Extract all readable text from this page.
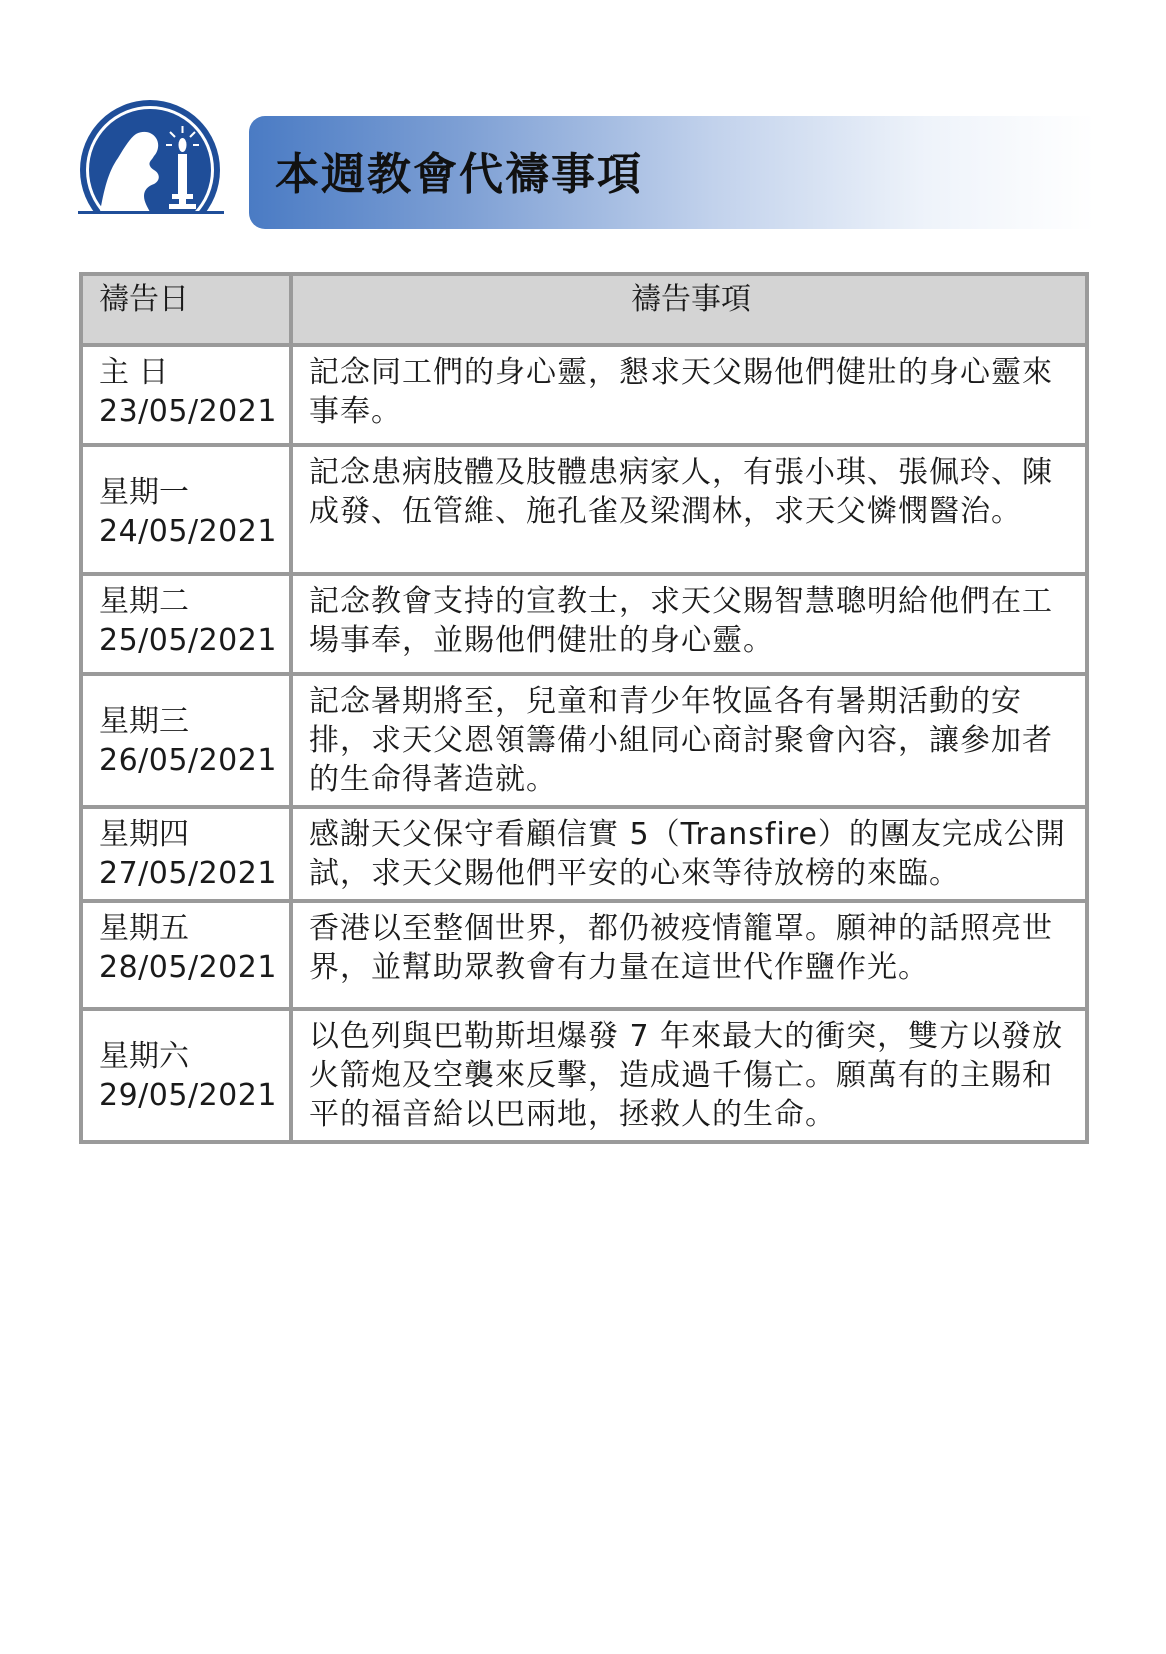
本週教會代禱事項
禱告日	禱告事項

主 日
23/05/2021	記念同工們的身心靈，懇求天父賜他們健壯的身心靈來事奉。

星期一
24/05/2021	記念患病肢體及肢體患病家人，有張小琪、張佩玲、陳成發、伍管維、施孔雀及梁潤林，求天父憐憫醫治。

星期二
25/05/2021	記念教會支持的宣教士，求天父賜智慧聰明給他們在工場事奉，並賜他們健壯的身心靈。

星期三
26/05/2021	記念暑期將至，兒童和青少年牧區各有暑期活動的安排，求天父恩領籌備小組同心商討聚會內容，讓參加者的生命得著造就。

星期四
27/05/2021	感謝天父保守看顧信實 5（Transfire）的團友完成公開試，求天父賜他們平安的心來等待放榜的來臨。

星期五
28/05/2021	香港以至整個世界，都仍被疫情籠罩。願神的話照亮世界，並幫助眾教會有力量在這世代作鹽作光。

星期六
29/05/2021	以色列與巴勒斯坦爆發 7 年來最大的衝突，雙方以發放火箭炮及空襲來反擊，造成過千傷亡。願萬有的主賜和平的福音給以巴兩地，拯救人的生命。
